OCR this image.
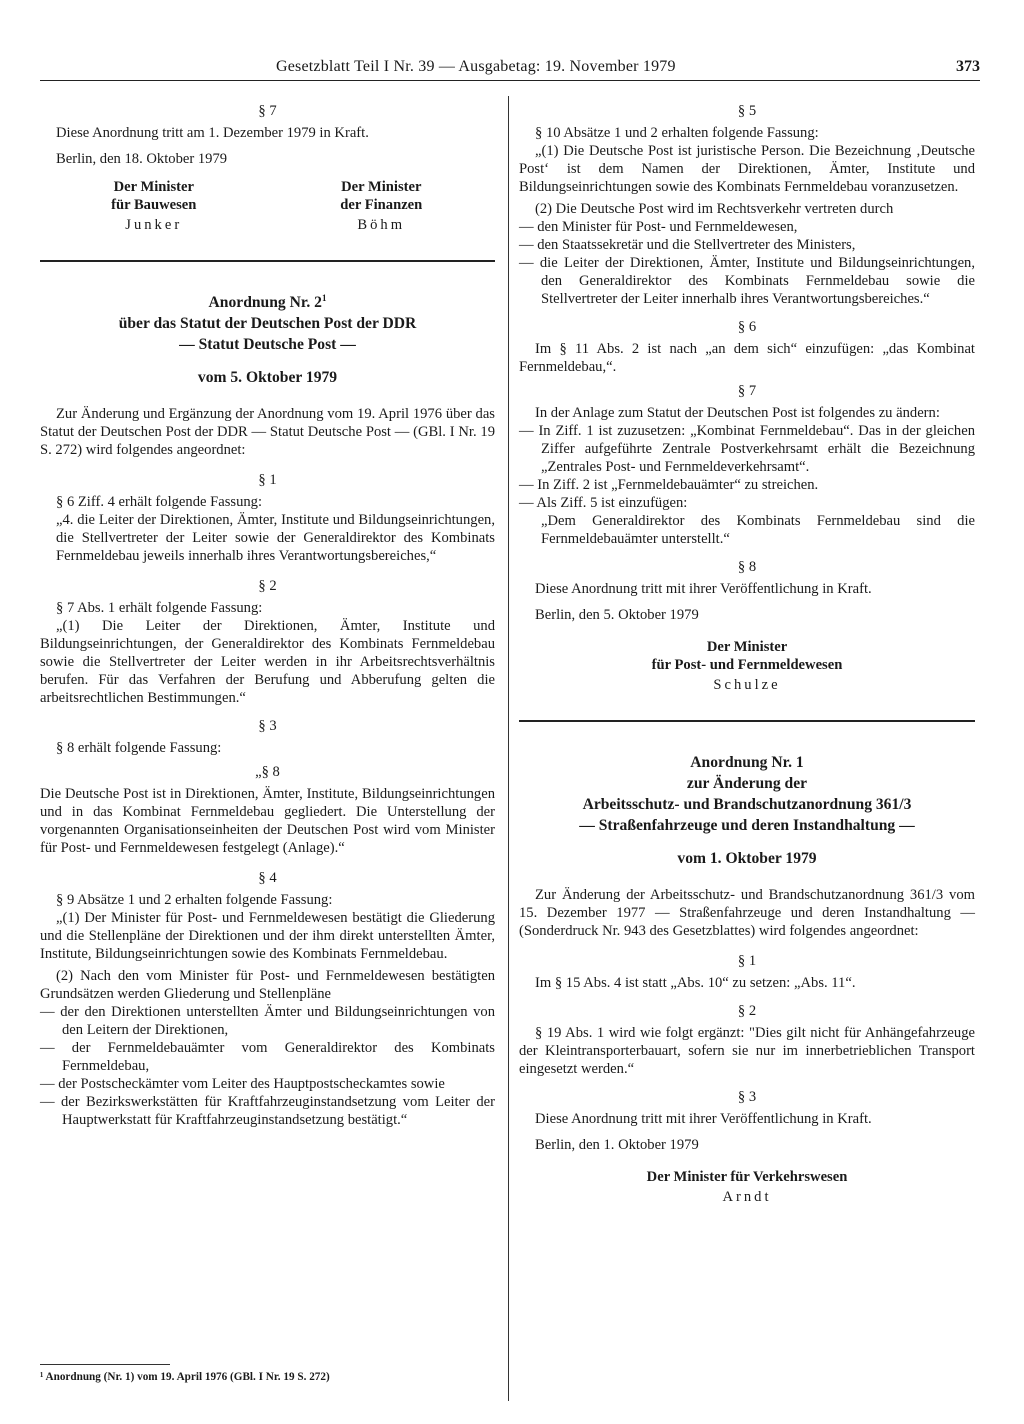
Gesetzblatt Teil I Nr. 39 — Ausgabetag: 19. November 1979	373

§ 7

Diese Anordnung tritt am 1. Dezember 1979 in Kraft.

Berlin, den 18. Oktober 1979

Der Minister
für Bauwesen
Junker
Der Minister
der Finanzen
Böhm
Anordnung Nr. $2^1$
über das Statut der Deutschen Post der DDR
— Statut Deutsche Post —
vom 5. Oktober 1979

Zur Änderung und Ergänzung der Anordnung vom 19. April 1976 über das Statut der Deutschen Post der DDR — Statut Deutsche Post — (GBl. I Nr. 19 S. 272) wird folgendes angeordnet:

§ 1

§ 6 Ziff. 4 erhält folgende Fassung:

„4. die Leiter der Direktionen, Ämter, Institute und Bildungseinrichtungen, die Stellvertreter der Leiter sowie der Generaldirektor des Kombinats Fernmeldebau jeweils innerhalb ihres Verantwortungsbereiches,“

§ 2

§ 7 Abs. 1 erhält folgende Fassung:

„(1) Die Leiter der Direktionen, Ämter, Institute und Bildungseinrichtungen, der Generaldirektor des Kombinats Fernmeldebau sowie die Stellvertreter der Leiter werden in ihr Arbeitsrechtsverhältnis berufen. Für das Verfahren der Berufung und Abberufung gelten die arbeitsrechtlichen Bestimmungen.“

§ 3

§ 8 erhält folgende Fassung:

„§ 8

Die Deutsche Post ist in Direktionen, Ämter, Institute, Bildungseinrichtungen und in das Kombinat Fernmeldebau gegliedert. Die Unterstellung der vorgenannten Organisationseinheiten der Deutschen Post wird vom Minister für Post- und Fernmeldewesen festgelegt (Anlage).“

§ 4

§ 9 Absätze 1 und 2 erhalten folgende Fassung:

„(1) Der Minister für Post- und Fernmeldewesen bestätigt die Gliederung und die Stellenpläne der Direktionen und der ihm direkt unterstellten Ämter, Institute, Bildungseinrichtungen sowie des Kombinats Fernmeldebau.

(2) Nach den vom Minister für Post- und Fernmeldewesen bestätigten Grundsätzen werden Gliederung und Stellenpläne

— der den Direktionen unterstellten Ämter und Bildungseinrichtungen von den Leitern der Direktionen,

— der Fernmeldebauämter vom Generaldirektor des Kombinats Fernmeldebau,

— der Postscheckämter vom Leiter des Hauptpostscheckamtes sowie

— der Bezirkswerkstätten für Kraftfahrzeuginstandsetzung vom Leiter der Hauptwerkstatt für Kraftfahrzeuginstandsetzung bestätigt.“

¹ Anordnung (Nr. 1) vom 19. April 1976 (GBl. I Nr. 19 S. 272)

§ 5

§ 10 Absätze 1 und 2 erhalten folgende Fassung:

„(1) Die Deutsche Post ist juristische Person. Die Bezeichnung ‚Deutsche Post‘ ist dem Namen der Direktionen, Ämter, Institute und Bildungseinrichtungen sowie des Kombinats Fernmeldebau voranzusetzen.

(2) Die Deutsche Post wird im Rechtsverkehr vertreten durch

— den Minister für Post- und Fernmeldewesen,

— den Staatssekretär und die Stellvertreter des Ministers,

— die Leiter der Direktionen, Ämter, Institute und Bildungseinrichtungen, den Generaldirektor des Kombinats Fernmeldebau sowie die Stellvertreter der Leiter innerhalb ihres Verantwortungsbereiches.“

§ 6

Im § 11 Abs. 2 ist nach „an dem sich“ einzufügen: „das Kombinat Fernmeldebau,“.

§ 7

In der Anlage zum Statut der Deutschen Post ist folgendes zu ändern:

— In Ziff. 1 ist zuzusetzen: „Kombinat Fernmeldebau“. Das in der gleichen Ziffer aufgeführte Zentrale Postverkehrsamt erhält die Bezeichnung „Zentrales Post- und Fernmeldeverkehrsamt“.

— In Ziff. 2 ist „Fernmeldebauämter“ zu streichen.

— Als Ziff. 5 ist einzufügen:

„Dem Generaldirektor des Kombinats Fernmeldebau sind die Fernmeldebauämter unterstellt.“

§ 8

Diese Anordnung tritt mit ihrer Veröffentlichung in Kraft.

Berlin, den 5. Oktober 1979

Der Minister
für Post- und Fernmeldewesen
Schulze
Anordnung Nr. 1
zur Änderung der
Arbeitsschutz- und Brandschutzanordnung 361/3
— Straßenfahrzeuge und deren Instandhaltung —
vom 1. Oktober 1979

Zur Änderung der Arbeitsschutz- und Brandschutzanordnung 361/3 vom 15. Dezember 1977 — Straßenfahrzeuge und deren Instandhaltung — (Sonderdruck Nr. 943 des Gesetzblattes) wird folgendes angeordnet:

§ 1

Im § 15 Abs. 4 ist statt „Abs. 10“ zu setzen: „Abs. 11“.

§ 2

§ 19 Abs. 1 wird wie folgt ergänzt: "Dies gilt nicht für Anhängefahrzeuge der Kleintransporterbauart, sofern sie nur im innerbetrieblichen Transport eingesetzt werden.“

§ 3

Diese Anordnung tritt mit ihrer Veröffentlichung in Kraft.

Berlin, den 1. Oktober 1979

Der Minister für Verkehrswesen
Arndt
